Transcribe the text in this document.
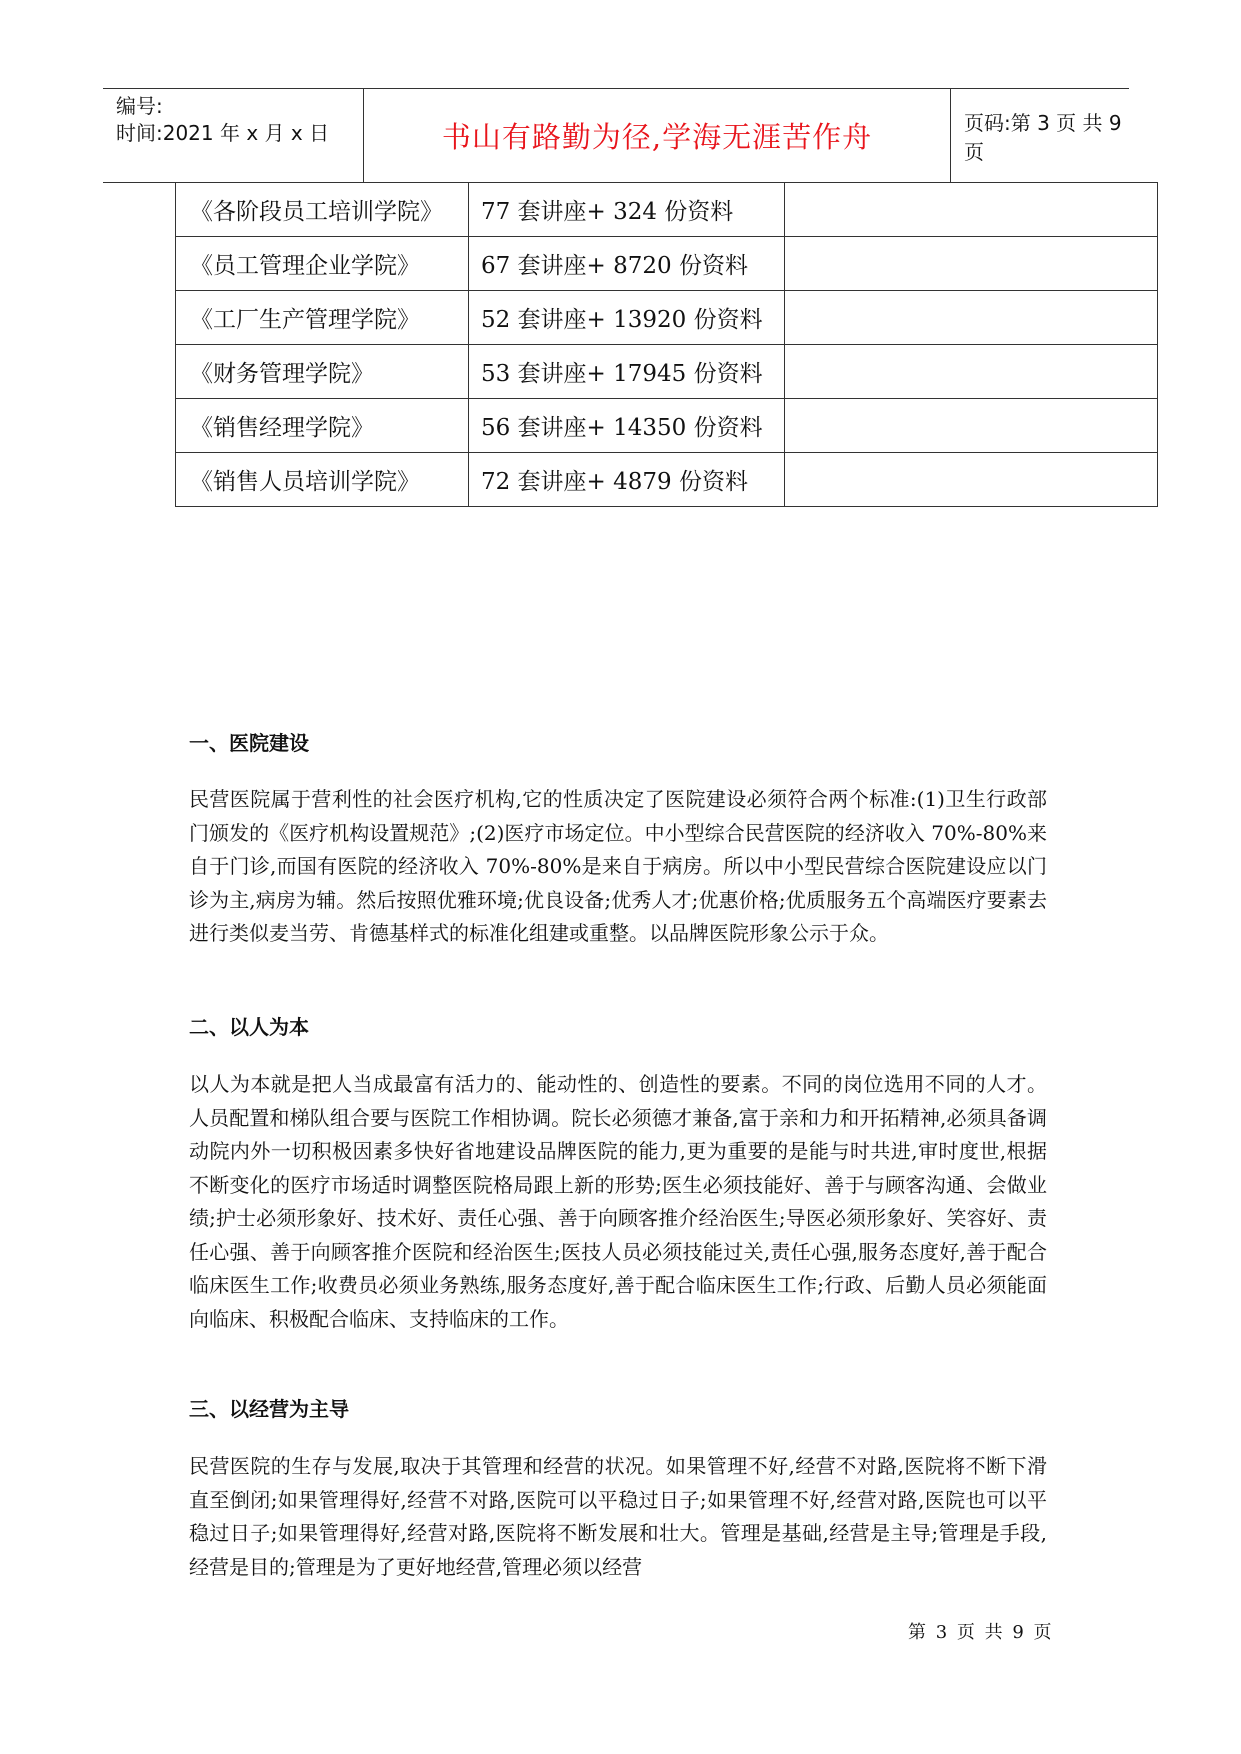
编号:
时间:2021 年 x 月 x 日	书山有路勤为径,学海无涯苦作舟	页码:第 3 页 共 9 页
《各阶段员工培训学院》	77 套讲座+ 324 份资料	
《员工管理企业学院》	67 套讲座+ 8720 份资料	
《工厂生产管理学院》	52 套讲座+ 13920 份资料	
《财务管理学院》	53 套讲座+ 17945 份资料	
《销售经理学院》	56 套讲座+ 14350 份资料	
《销售人员培训学院》	72 套讲座+ 4879 份资料	
一、医院建设

民营医院属于营利性的社会医疗机构,它的性质决定了医院建设必须符合两个标准:(1)卫生行政部门颁发的《医疗机构设置规范》;(2)医疗市场定位。中小型综合民营医院的经济收入 70%-80%来自于门诊,而国有医院的经济收入 70%-80%是来自于病房。所以中小型民营综合医院建设应以门诊为主,病房为辅。然后按照优雅环境;优良设备;优秀人才;优惠价格;优质服务五个高端医疗要素去进行类似麦当劳、肯德基样式的标准化组建或重整。以品牌医院形象公示于众。

二、以人为本

以人为本就是把人当成最富有活力的、能动性的、创造性的要素。不同的岗位选用不同的人才。人员配置和梯队组合要与医院工作相协调。院长必须德才兼备,富于亲和力和开拓精神,必须具备调动院内外一切积极因素多快好省地建设品牌医院的能力,更为重要的是能与时共进,审时度世,根据不断变化的医疗市场适时调整医院格局跟上新的形势;医生必须技能好、善于与顾客沟通、会做业绩;护士必须形象好、技术好、责任心强、善于向顾客推介经治医生;导医必须形象好、笑容好、责任心强、善于向顾客推介医院和经治医生;医技人员必须技能过关,责任心强,服务态度好,善于配合临床医生工作;收费员必须业务熟练,服务态度好,善于配合临床医生工作;行政、后勤人员必须能面向临床、积极配合临床、支持临床的工作。

三、以经营为主导

民营医院的生存与发展,取决于其管理和经营的状况。如果管理不好,经营不对路,医院将不断下滑直至倒闭;如果管理得好,经营不对路,医院可以平稳过日子;如果管理不好,经营对路,医院也可以平稳过日子;如果管理得好,经营对路,医院将不断发展和壮大。管理是基础,经营是主导;管理是手段,经营是目的;管理是为了更好地经营,管理必须以经营

第 3 页 共 9 页
